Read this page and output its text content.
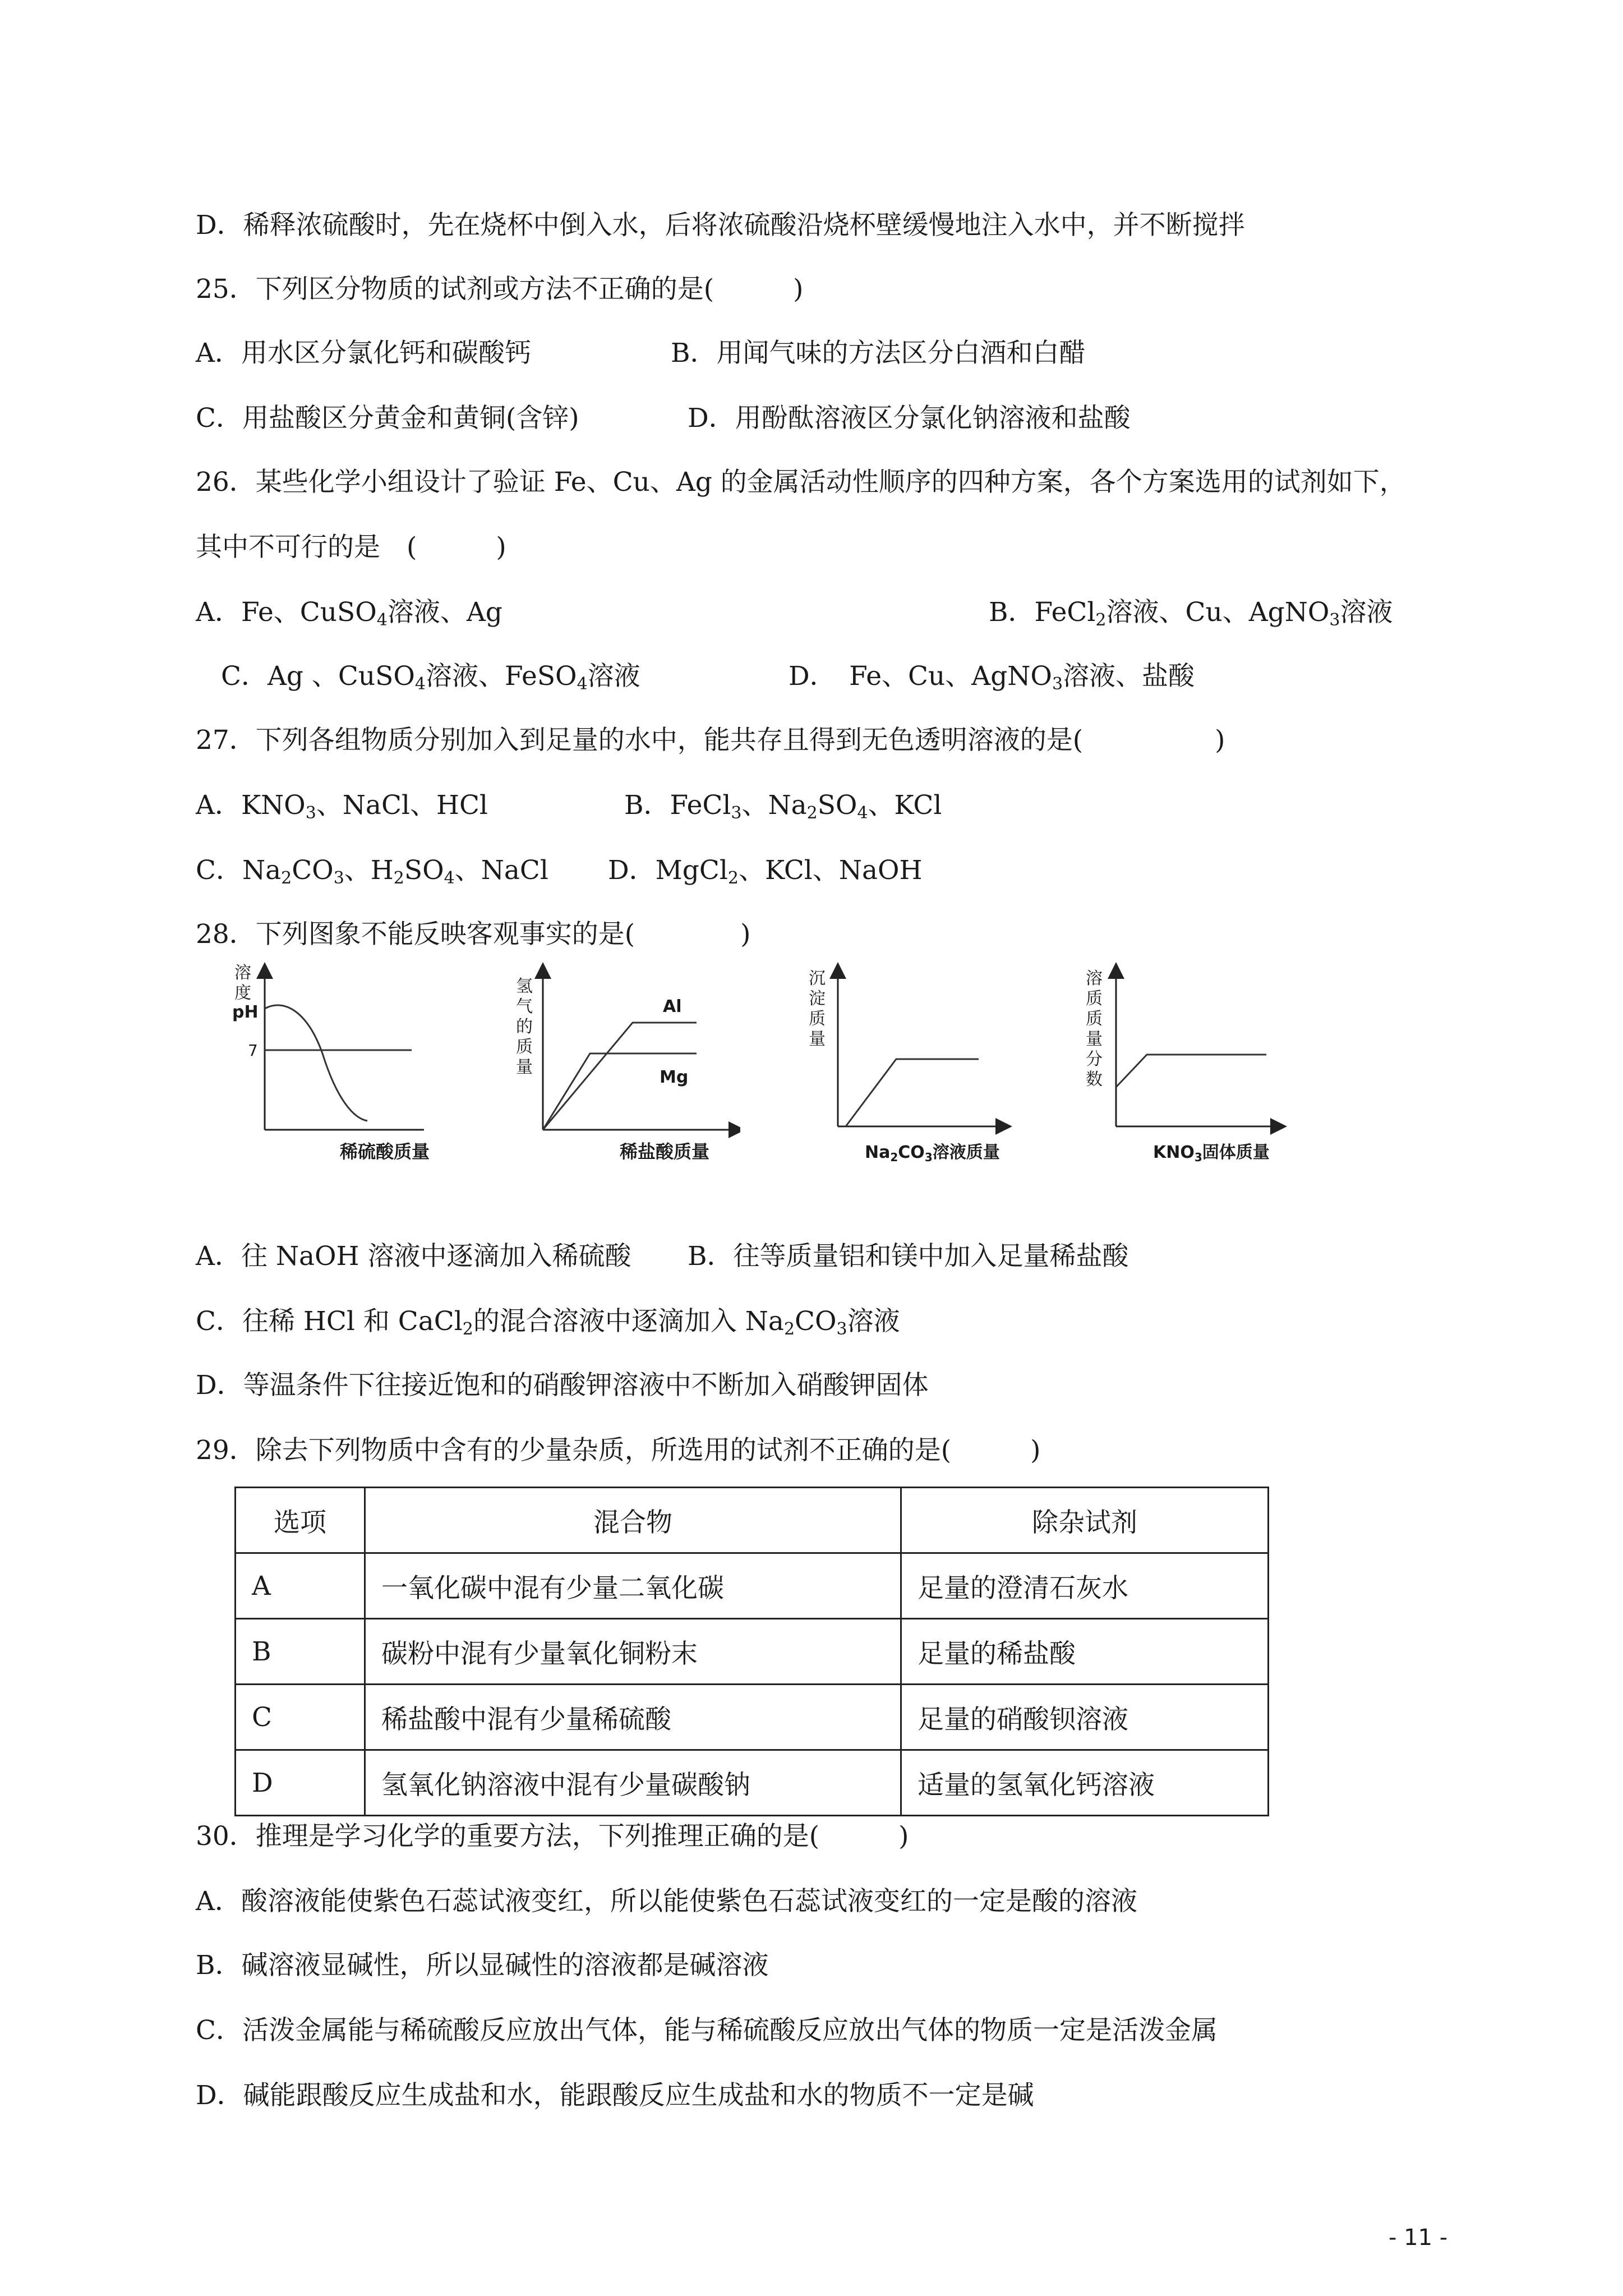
D．稀释浓硫酸时，先在烧杯中倒入水，后将浓硫酸沿烧杯壁缓慢地注入水中，并不断搅拌
25．下列区分物质的试剂或方法不正确的是(　　　)
A．用水区分氯化钙和碳酸钙	B．用闻气味的方法区分白酒和白醋
C．用盐酸区分黄金和黄铜(含锌)	D．用酚酞溶液区分氯化钠溶液和盐酸
26．某些化学小组设计了验证 Fe、Cu、Ag 的金属活动性顺序的四种方案，各个方案选用的试剂如下，
其中不可行的是　(　　　)
A．Fe、CuSO$_4$溶液、Ag	B．FeCl$_2$溶液、Cu、AgNO$_3$溶液
C．Ag 、CuSO$_4$溶液、FeSO$_4$溶液	D．　Fe、Cu、AgNO$_3$溶液、盐酸
27．下列各组物质分别加入到足量的水中，能共存且得到无色透明溶液的是(　　　　　)
A．$KNO_3$、NaCl、HCl	B．FeCl$_3$、$Na_2SO_4$、KCl
C．$Na_2CO_3$、$H_2SO_4$、NaCl D．MgCl$_2$、KCl、NaOH
28．下列图象不能反映客观事实的是(　　　　)
溶
度
pH
7
稀硫酸质量
Al
Mg
氢
气
的
质
量
稀盐酸质量
沉
淀
质
量
$Na_2CO_3$溶液质量
溶
质
质
量
分
数
$KNO_3$固体质量
A．往 NaOH 溶液中逐滴加入稀硫酸 B．往等质量铝和镁中加入足量稀盐酸
C．往稀 HCl 和 CaCl$_2$的混合溶液中逐滴加入 $Na_2CO_3$溶液
D．等温条件下往接近饱和的硝酸钾溶液中不断加入硝酸钾固体
29．除去下列物质中含有的少量杂质，所选用的试剂不正确的是(　　　)
选项	混合物	除杂试剂
A	一氧化碳中混有少量二氧化碳	足量的澄清石灰水
B	碳粉中混有少量氧化铜粉末	足量的稀盐酸
C	稀盐酸中混有少量稀硫酸	足量的硝酸钡溶液
D	氢氧化钠溶液中混有少量碳酸钠	适量的氢氧化钙溶液
30．推理是学习化学的重要方法，下列推理正确的是(　　　)
A．酸溶液能使紫色石蕊试液变红，所以能使紫色石蕊试液变红的一定是酸的溶液
B．碱溶液显碱性，所以显碱性的溶液都是碱溶液
C．活泼金属能与稀硫酸反应放出气体，能与稀硫酸反应放出气体的物质一定是活泼金属
D．碱能跟酸反应生成盐和水，能跟酸反应生成盐和水的物质不一定是碱
- 11 -
